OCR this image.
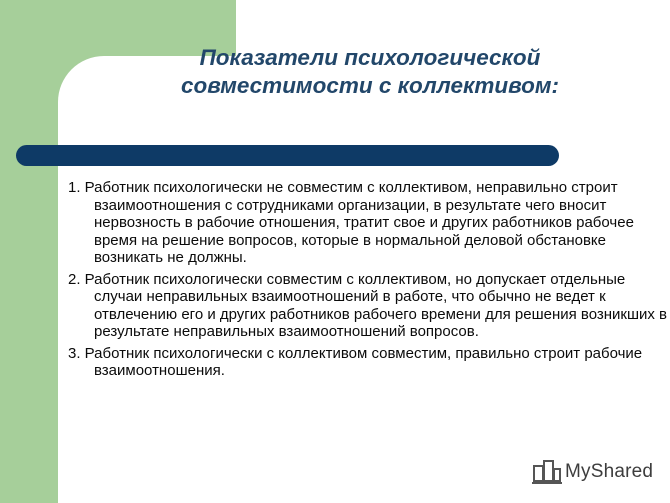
Показатели психологической
совместимости с коллективом:

1. Работник психологически не совместим с коллективом, неправильно строит взаимоотношения с сотрудниками организации, в результате чего вносит нервозность в рабочие отношения, тратит свое и других работников рабочее время на решение вопросов, которые в нормальной деловой обстановке возникать не должны.

2. Работник психологически совместим с коллективом, но допускает отдельные случаи неправильных взаимоотношений в работе, что обычно не ведет к отвлечению его и других работников рабочего времени для решения возникших в результате неправильных взаимоотношений вопросов.

3. Работник психологически с коллективом совместим, правильно строит рабочие взаимоотношения.

MyShared
